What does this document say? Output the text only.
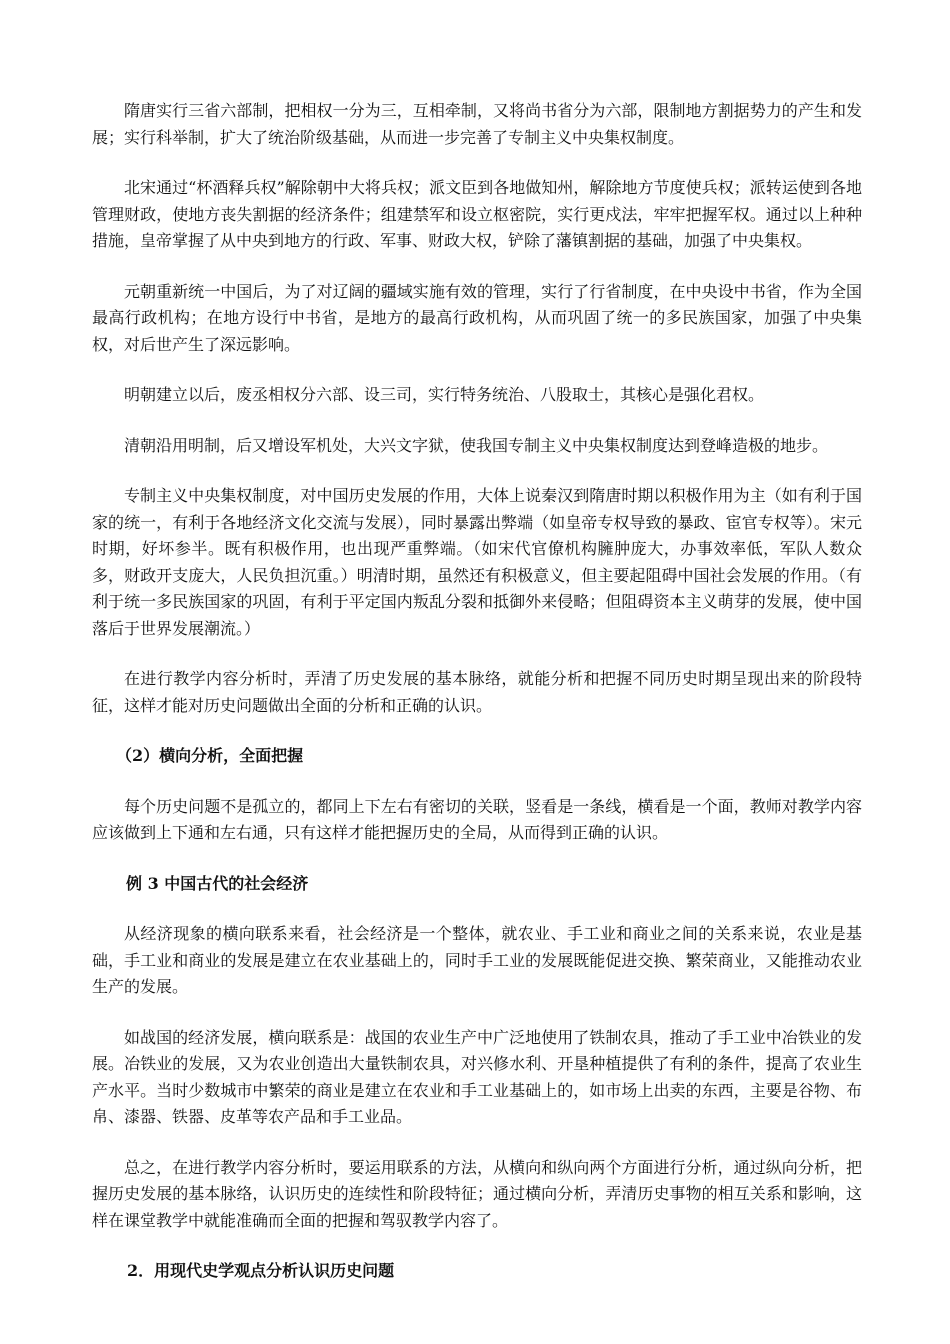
隋唐实行三省六部制，把相权一分为三，互相牵制，又将尚书省分为六部，限制地方割据势力的产生和发展；实行科举制，扩大了统治阶级基础，从而进一步完善了专制主义中央集权制度。

北宋通过“杯酒释兵权”解除朝中大将兵权；派文臣到各地做知州，解除地方节度使兵权；派转运使到各地管理财政，使地方丧失割据的经济条件；组建禁军和设立枢密院，实行更戍法，牢牢把握军权。通过以上种种措施，皇帝掌握了从中央到地方的行政、军事、财政大权，铲除了藩镇割据的基础，加强了中央集权。

元朝重新统一中国后，为了对辽阔的疆域实施有效的管理，实行了行省制度，在中央设中书省，作为全国最高行政机构；在地方设行中书省，是地方的最高行政机构，从而巩固了统一的多民族国家，加强了中央集权，对后世产生了深远影响。

明朝建立以后，废丞相权分六部、设三司，实行特务统治、八股取士，其核心是强化君权。

清朝沿用明制，后又增设军机处，大兴文字狱，使我国专制主义中央集权制度达到登峰造极的地步。

专制主义中央集权制度，对中国历史发展的作用，大体上说秦汉到隋唐时期以积极作用为主（如有利于国家的统一，有利于各地经济文化交流与发展），同时暴露出弊端（如皇帝专权导致的暴政、宦官专权等）。宋元时期，好坏参半。既有积极作用，也出现严重弊端。（如宋代官僚机构臃肿庞大，办事效率低，军队人数众多，财政开支庞大，人民负担沉重。）明清时期，虽然还有积极意义，但主要起阻碍中国社会发展的作用。（有利于统一多民族国家的巩固，有利于平定国内叛乱分裂和抵御外来侵略；但阻碍资本主义萌芽的发展，使中国落后于世界发展潮流。）

在进行教学内容分析时，弄清了历史发展的基本脉络，就能分析和把握不同历史时期呈现出来的阶段特征，这样才能对历史问题做出全面的分析和正确的认识。

（2）横向分析，全面把握

每个历史问题不是孤立的，都同上下左右有密切的关联，竖看是一条线，横看是一个面，教师对教学内容应该做到上下通和左右通，只有这样才能把握历史的全局，从而得到正确的认识。

例 3 中国古代的社会经济

从经济现象的横向联系来看，社会经济是一个整体，就农业、手工业和商业之间的关系来说，农业是基础，手工业和商业的发展是建立在农业基础上的，同时手工业的发展既能促进交换、繁荣商业，又能推动农业生产的发展。

如战国的经济发展，横向联系是：战国的农业生产中广泛地使用了铁制农具，推动了手工业中冶铁业的发展。冶铁业的发展，又为农业创造出大量铁制农具，对兴修水利、开垦种植提供了有利的条件，提高了农业生产水平。当时少数城市中繁荣的商业是建立在农业和手工业基础上的，如市场上出卖的东西，主要是谷物、布帛、漆器、铁器、皮革等农产品和手工业品。

总之，在进行教学内容分析时，要运用联系的方法，从横向和纵向两个方面进行分析，通过纵向分析，把握历史发展的基本脉络，认识历史的连续性和阶段特征；通过横向分析，弄清历史事物的相互关系和影响，这样在课堂教学中就能准确而全面的把握和驾驭教学内容了。

2．用现代史学观点分析认识历史问题
